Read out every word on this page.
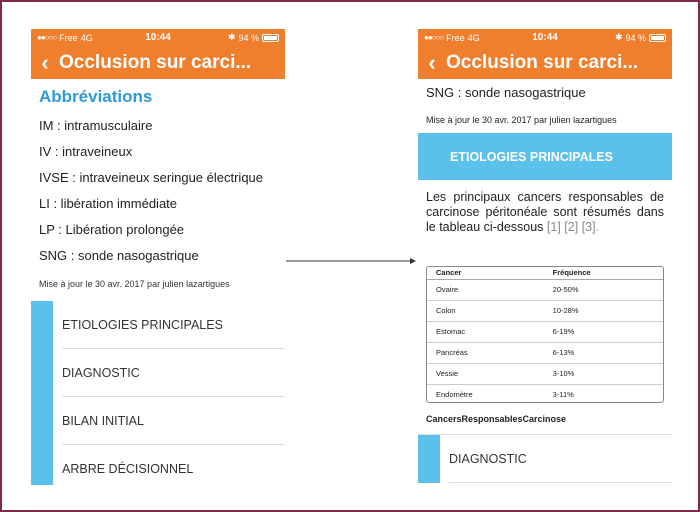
●●○○○ Free 4G	10:44	✱ 94 %
‹ Occlusion sur carci...
Abbréviations
IM : intramusculaire
IV : intraveineux
IVSE : intraveineux seringue électrique
LI : libération immédiate
LP : Libération prolongée
SNG : sonde nasogastrique
Mise à jour le 30 avr. 2017 par julien lazartigues
ETIOLOGIES PRINCIPALES
DIAGNOSTIC
BILAN INITIAL
ARBRE DÉCISIONNEL
●●○○○ Free 4G	10:44	✱ 94 %
‹ Occlusion sur carci...
SNG : sonde nasogastrique
Mise à jour le 30 avr. 2017 par julien lazartigues
ETIOLOGIES PRINCIPALES

Les principaux cancers responsables de carcinose péritonéale sont résumés dans le tableau ci-dessous [1] [2] [3].

Cancer	Fréquence
Ovaire	20-50%
Colon	10-28%
Estomac	6-19%
Pancréas	6-13%
Vessie	3-10%
Endomètre	3-11%
CancersResponsablesCarcinose
DIAGNOSTIC
